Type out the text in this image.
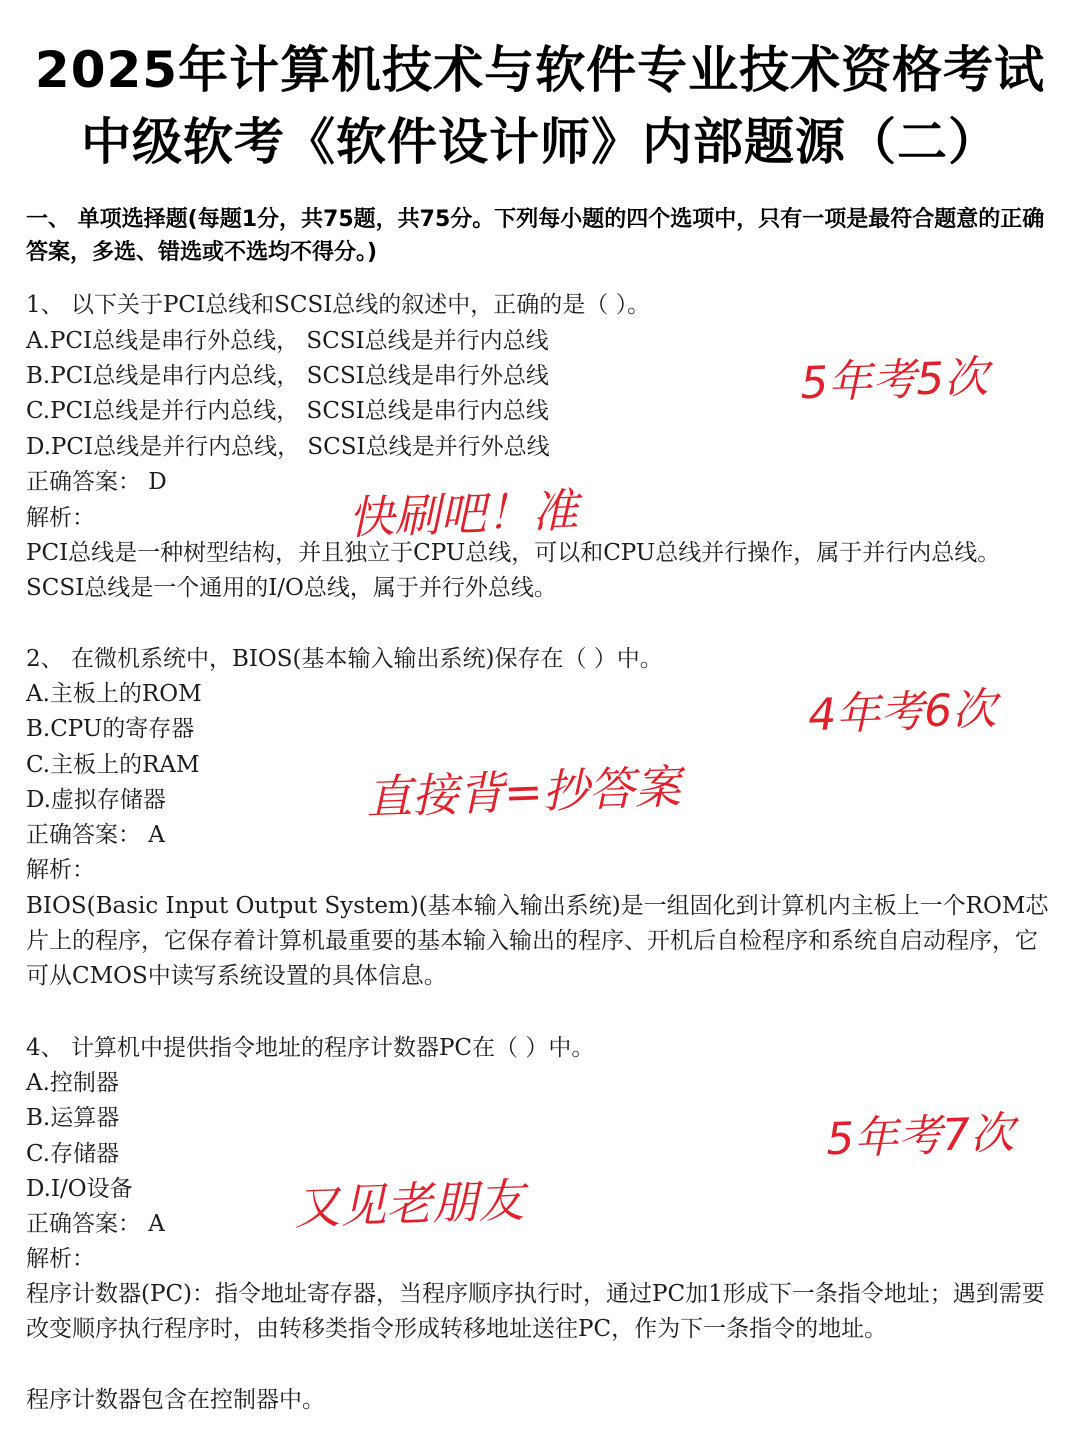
2025年计算机技术与软件专业技术资格考试
中级软考《软件设计师》内部题源（二）
一、 单项选择题(每题1分，共75题，共75分。下列每小题的四个选项中，只有一项是最符合题意的正确答案，多选、错选或不选均不得分。)
1、 以下关于PCI总线和SCSI总线的叙述中，正确的是（ ）。
A.PCI总线是串行外总线， SCSI总线是并行内总线
B.PCI总线是串行内总线， SCSI总线是串行外总线
C.PCI总线是并行内总线， SCSI总线是串行内总线
D.PCI总线是并行内总线， SCSI总线是并行外总线
正确答案： D
解析：
PCI总线是一种树型结构，并且独立于CPU总线，可以和CPU总线并行操作，属于并行内总线。SCSI总线是一个通用的I/O总线，属于并行外总线。
2、 在微机系统中，BIOS(基本输入输出系统)保存在（ ）中。
A.主板上的ROM
B.CPU的寄存器
C.主板上的RAM
D.虚拟存储器
正确答案： A
解析：
BIOS(Basic Input Output System)(基本输入输出系统)是一组固化到计算机内主板上一个ROM芯片上的程序，它保存着计算机最重要的基本输入输出的程序、开机后自检程序和系统自启动程序，它可从CMOS中读写系统设置的具体信息。
4、 计算机中提供指令地址的程序计数器PC在（ ）中。
A.控制器
B.运算器
C.存储器
D.I/O设备
正确答案： A
解析：
程序计数器(PC)：指令地址寄存器，当程序顺序执行时，通过PC加1形成下一条指令地址；遇到需要改变顺序执行程序时，由转移类指令形成转移地址送往PC，作为下一条指令的地址。
程序计数器包含在控制器中。
5年考5次
快刷吧！准
4年考6次
直接背=抄答案
5年考7次
又见老朋友
